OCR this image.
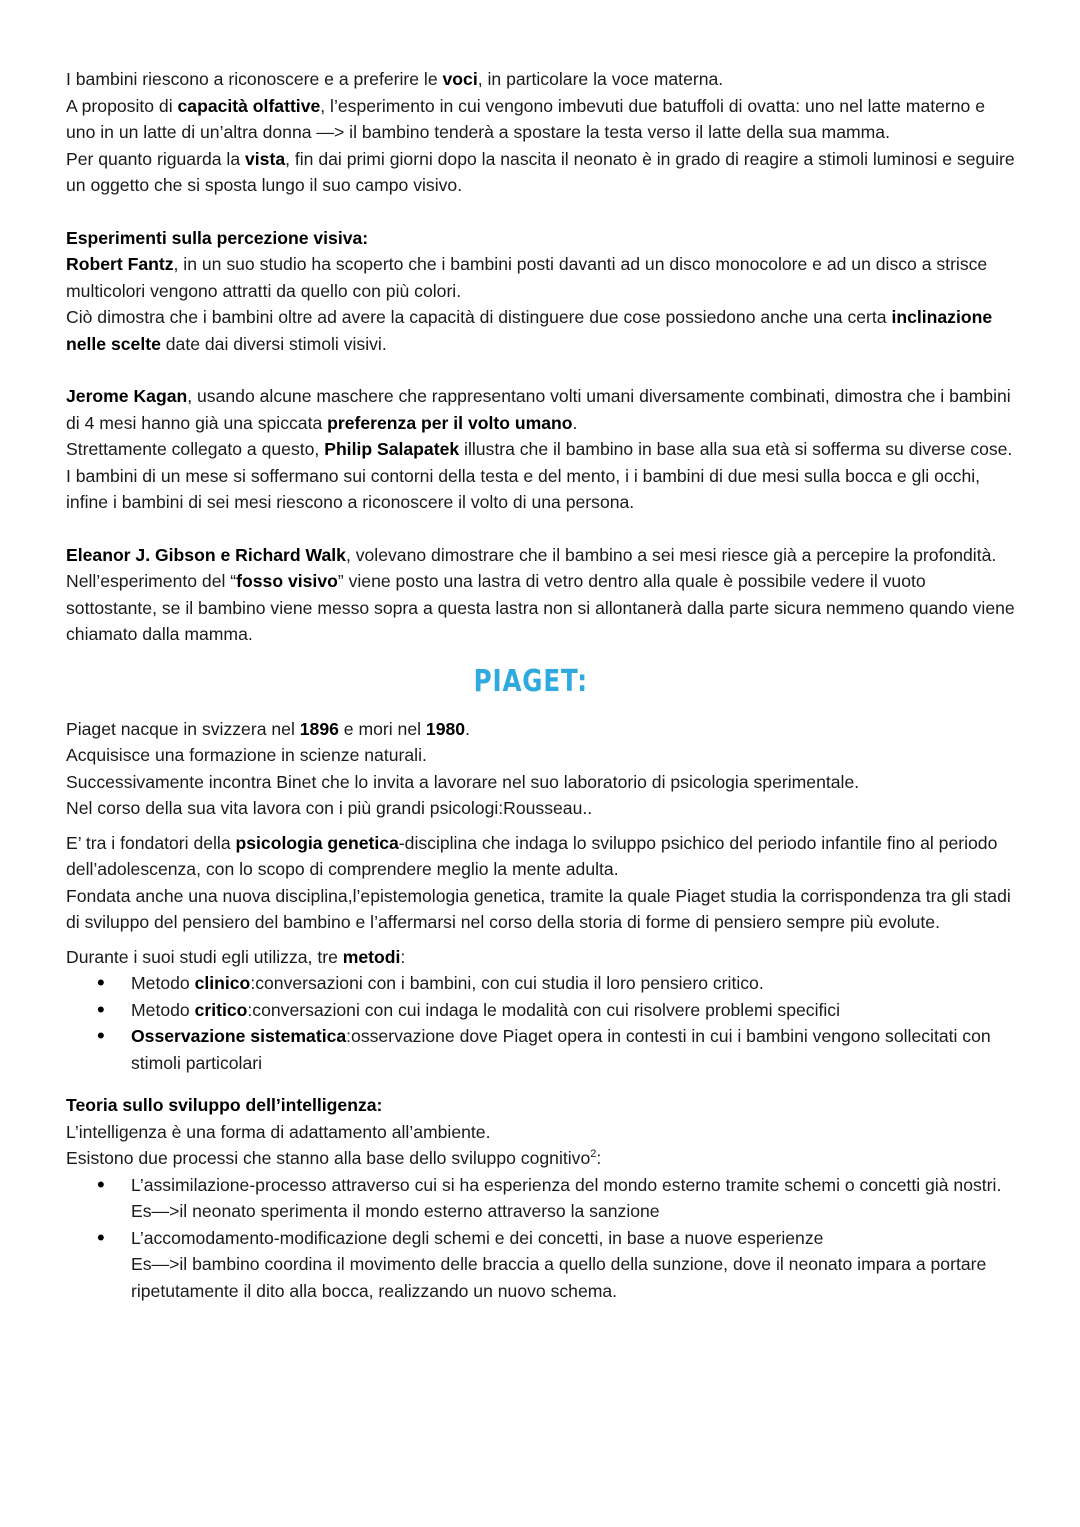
I bambini riescono a riconoscere e a preferire le voci, in particolare la voce materna.

A proposito di capacità olfattive, l’esperimento in cui vengono imbevuti due batuffoli di ovatta: uno nel latte materno e uno in un latte di un’altra donna —> il bambino tenderà a spostare la testa verso il latte della sua mamma.

Per quanto riguarda la vista, fin dai primi giorni dopo la nascita il neonato è in grado di reagire a stimoli luminosi e seguire un oggetto che si sposta lungo il suo campo visivo.

Esperimenti sulla percezione visiva:

Robert Fantz, in un suo studio ha scoperto che i bambini posti davanti ad un disco monocolore e ad un disco a strisce multicolori vengono attratti da quello con più colori.

Ciò dimostra che i bambini oltre ad avere la capacità di distinguere due cose possiedono anche una certa inclinazione nelle scelte date dai diversi stimoli visivi.

Jerome Kagan, usando alcune maschere che rappresentano volti umani diversamente combinati, dimostra che i bambini di 4 mesi hanno già una spiccata preferenza per il volto umano.

Strettamente collegato a questo, Philip Salapatek illustra che il bambino in base alla sua età si sofferma su diverse cose. I bambini di un mese si soffermano sui contorni della testa e del mento, i i bambini di due mesi sulla bocca e gli occhi, infine i bambini di sei mesi riescono a riconoscere il volto di una persona.

Eleanor J. Gibson e Richard Walk, volevano dimostrare che il bambino a sei mesi riesce già a percepire la profondità. Nell’esperimento del “fosso visivo” viene posto una lastra di vetro dentro alla quale è possibile vedere il vuoto sottostante, se il bambino viene messo sopra a questa lastra non si allontanerà dalla parte sicura nemmeno quando viene chiamato dalla mamma.

PIAGET:

Piaget nacque in svizzera nel 1896 e mori nel 1980.

Acquisisce una formazione in scienze naturali.

Successivamente incontra Binet che lo invita a lavorare nel suo laboratorio di psicologia sperimentale.

Nel corso della sua vita lavora con i più grandi psicologi:Rousseau..

E’ tra i fondatori della psicologia genetica-disciplina che indaga lo sviluppo psichico del periodo infantile fino al periodo dell’adolescenza, con lo scopo di comprendere meglio la mente adulta.

Fondata anche una nuova disciplina,l’epistemologia genetica, tramite la quale Piaget studia la corrispondenza tra gli stadi di sviluppo del pensiero del bambino e l’affermarsi nel corso della storia di forme di pensiero sempre più evolute.

Durante i suoi studi egli utilizza, tre metodi:

• Metodo clinico:conversazioni con i bambini, con cui studia il loro pensiero critico.
• Metodo critico:conversazioni con cui indaga le modalità con cui risolvere problemi specifici
• Osservazione sistematica:osservazione dove Piaget opera in contesti in cui i bambini vengono sollecitati con stimoli particolari

Teoria sullo sviluppo dell’intelligenza:

L’intelligenza è una forma di adattamento all’ambiente.

Esistono due processi che stanno alla base dello sviluppo cognitivo$^2$:

• L’assimilazione-processo attraverso cui si ha esperienza del mondo esterno tramite schemi o concetti già nostri.
Es—>il neonato sperimenta il mondo esterno attraverso la sanzione
• L’accomodamento-modificazione degli schemi e dei concetti, in base a nuove esperienze
Es—>il bambino coordina il movimento delle braccia a quello della sunzione, dove il neonato impara a portare ripetutamente il dito alla bocca, realizzando un nuovo schema.
